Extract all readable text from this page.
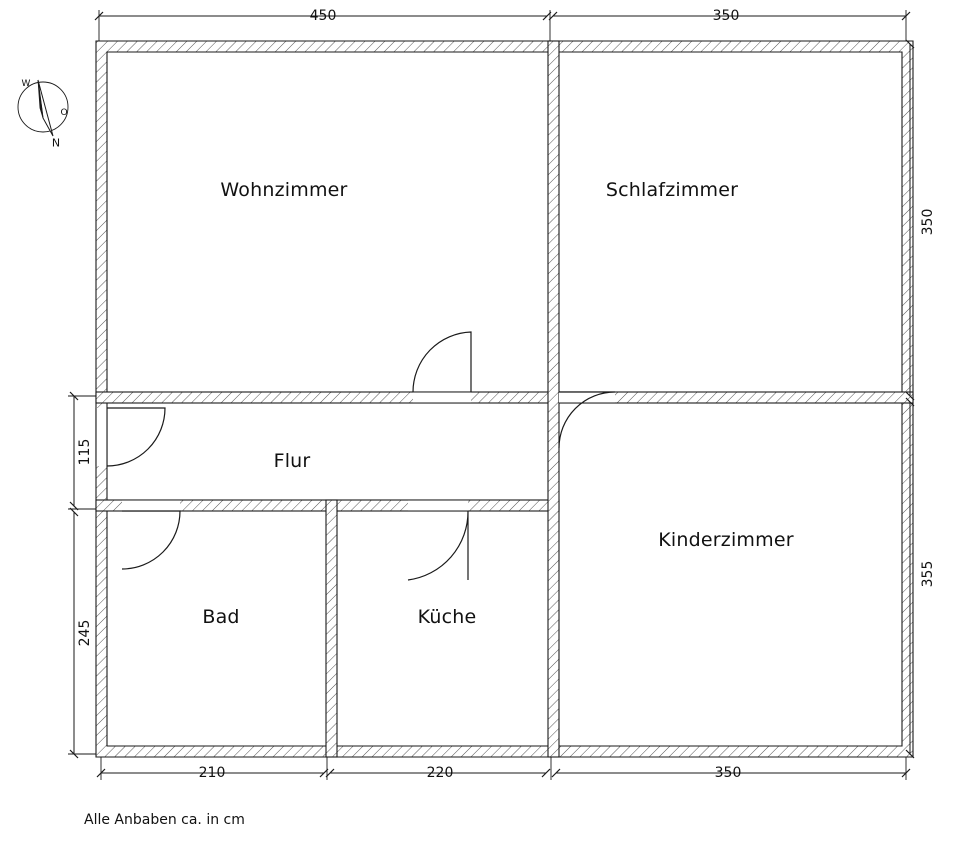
Wohnzimmer	Schlafzimmer
Flur
Kinderzimmer
Bad	Küche
450	350
350
355
115
245
210	220	350
N
W
O
Alle Anbaben ca. in cm
